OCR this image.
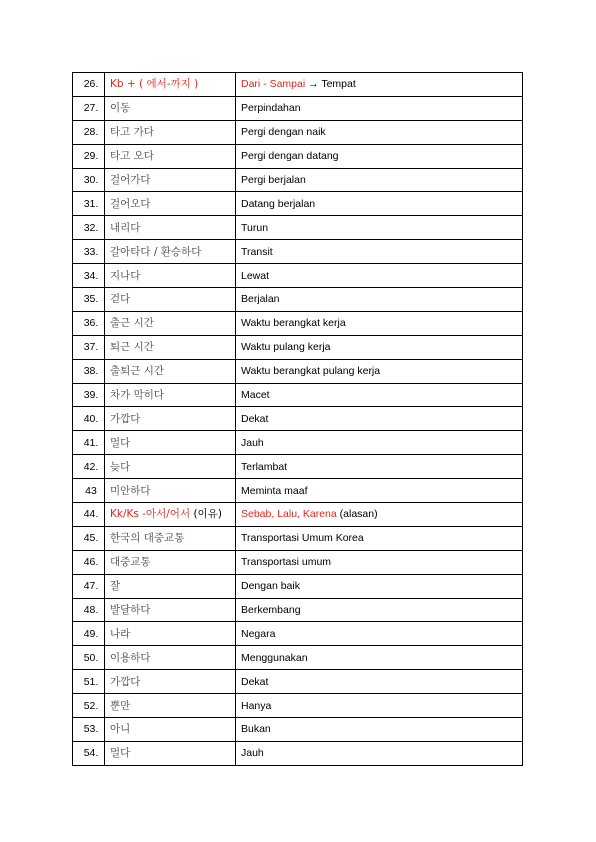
26.	Kb + ( 에서-까지 )	Dari - Sampai → Tempat
27.	이동	Perpindahan
28.	타고 가다	Pergi dengan naik
29.	타고 오다	Pergi dengan datang
30.	걸어가다	Pergi berjalan
31.	걸어오다	Datang berjalan
32.	내리다	Turun
33.	갈아타다 / 환승하다	Transit
34.	지나다	Lewat
35.	걷다	Berjalan
36.	출근 시간	Waktu berangkat kerja
37.	퇴근 시간	Waktu pulang kerja
38.	출퇴근 시간	Waktu berangkat pulang kerja
39.	차가 막히다	Macet
40.	가깝다	Dekat
41.	멀다	Jauh
42.	늦다	Terlambat
43	미안하다	Meminta maaf
44.	Kk/Ks -아서/어서 (이유)	Sebab, Lalu, Karena (alasan)
45.	한국의 대중교통	Transportasi Umum Korea
46.	대중교통	Transportasi umum
47.	잘	Dengan baik
48.	발달하다	Berkembang
49.	나라	Negara
50.	이용하다	Menggunakan
51.	가깝다	Dekat
52.	뿐만	Hanya
53.	아니	Bukan
54.	멀다	Jauh
